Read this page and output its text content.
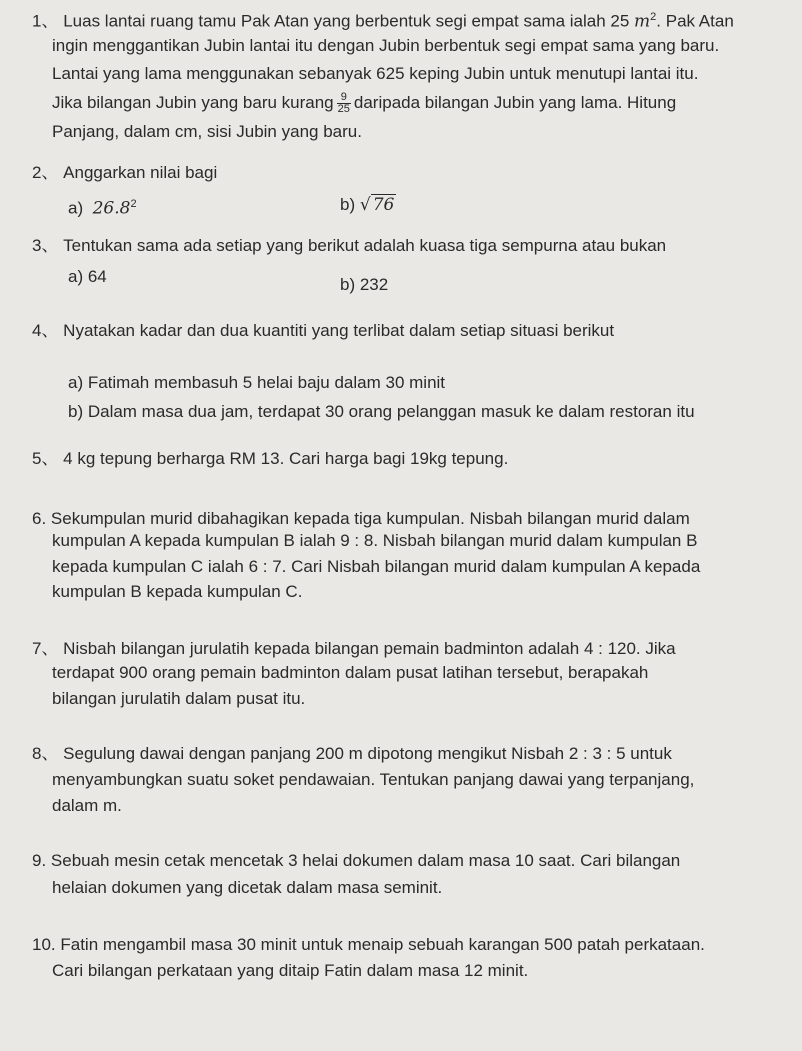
1、 Luas lantai ruang tamu Pak Atan yang berbentuk segi empat sama ialah 25 $m^2$. Pak Atan
ingin menggantikan Jubin lantai itu dengan Jubin berbentuk segi empat sama yang baru.
Lantai yang lama menggunakan sebanyak 625 keping Jubin untuk menutupi lantai itu.
Jika bilangan Jubin yang baru kurang $\frac{9}{25}$ daripada bilangan Jubin yang lama. Hitung
Panjang, dalam cm, sisi Jubin yang baru.
2、 Anggarkan nilai bagi
a) 26.8$^2$	b) √ 76
3、 Tentukan sama ada setiap yang berikut adalah kuasa tiga sempurna atau bukan
a) 64	b) 232
4、 Nyatakan kadar dan dua kuantiti yang terlibat dalam setiap situasi berikut
a) Fatimah membasuh 5 helai baju dalam 30 minit
b) Dalam masa dua jam, terdapat 30 orang pelanggan masuk ke dalam restoran itu
5、 4 kg tepung berharga RM 13. Cari harga bagi 19kg tepung.
6. Sekumpulan murid dibahagikan kepada tiga kumpulan. Nisbah bilangan murid dalam
kumpulan A kepada kumpulan B ialah 9 : 8. Nisbah bilangan murid dalam kumpulan B
kepada kumpulan C ialah 6 : 7. Cari Nisbah bilangan murid dalam kumpulan A kepada
kumpulan B kepada kumpulan C.
7、 Nisbah bilangan jurulatih kepada bilangan pemain badminton adalah 4 : 120. Jika
terdapat 900 orang pemain badminton dalam pusat latihan tersebut, berapakah
bilangan jurulatih dalam pusat itu.
8、 Segulung dawai dengan panjang 200 m dipotong mengikut Nisbah 2 : 3 : 5 untuk
menyambungkan suatu soket pendawaian. Tentukan panjang dawai yang terpanjang,
dalam m.
9. Sebuah mesin cetak mencetak 3 helai dokumen dalam masa 10 saat. Cari bilangan
helaian dokumen yang dicetak dalam masa seminit.
10. Fatin mengambil masa 30 minit untuk menaip sebuah karangan 500 patah perkataan.
Cari bilangan perkataan yang ditaip Fatin dalam masa 12 minit.
